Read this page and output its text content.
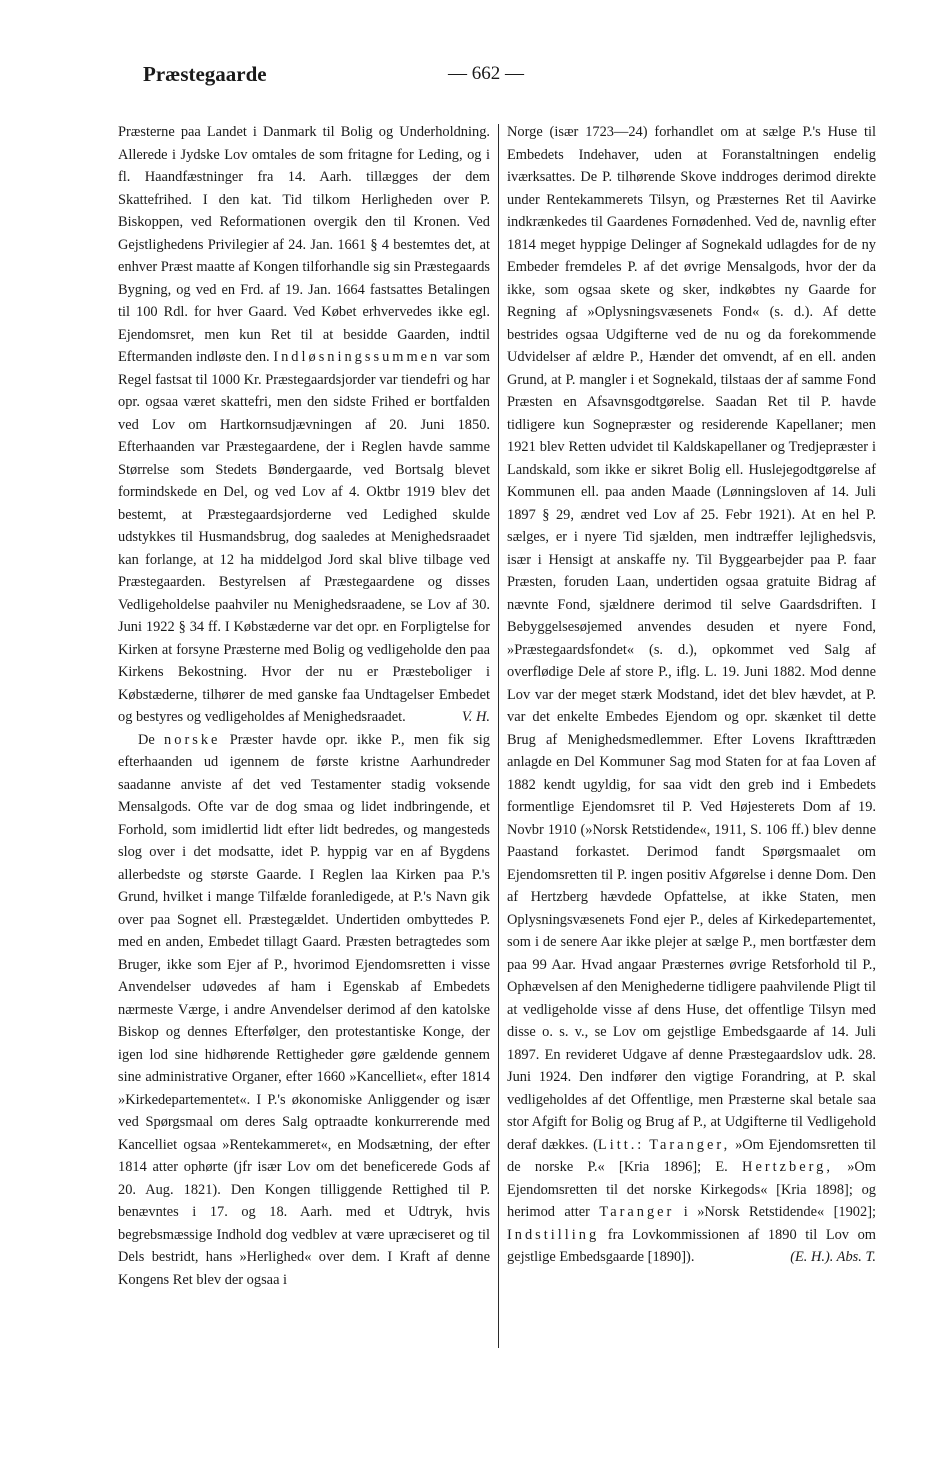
Præstegaarde	— 662 —

Præsterne paa Landet i Danmark til Bolig og Underholdning. Allerede i Jydske Lov omtales de som fritagne for Leding, og i fl. Haandfæstninger fra 14. Aarh. tillægges der dem Skattefrihed. I den kat. Tid tilkom Herligheden over P. Biskoppen, ved Reformationen overgik den til Kronen. Ved Gejstlighedens Privilegier af 24. Jan. 1661 § 4 bestemtes det, at enhver Præst maatte af Kongen tilforhandle sig sin Præstegaards Bygning, og ved en Frd. af 19. Jan. 1664 fastsattes Betalingen til 100 Rdl. for hver Gaard. Ved Købet erhvervedes ikke egl. Ejendomsret, men kun Ret til at besidde Gaarden, indtil Eftermanden indløste den. Indløsningssummen var som Regel fastsat til 1000 Kr. Præstegaardsjorder var tiendefri og har opr. ogsaa været skattefri, men den sidste Frihed er bortfalden ved Lov om Hartkornsudjævningen af 20. Juni 1850. Efterhaanden var Præstegaardene, der i Reglen havde samme Størrelse som Stedets Bøndergaarde, ved Bortsalg blevet formindskede en Del, og ved Lov af 4. Oktbr 1919 blev det bestemt, at Præstegaardsjorderne ved Ledighed skulde udstykkes til Husmandsbrug, dog saaledes at Menighedsraadet kan forlange, at 12 ha middelgod Jord skal blive tilbage ved Præstegaarden. Bestyrelsen af Præstegaardene og disses Vedligeholdelse paahviler nu Menighedsraadene, se Lov af 30. Juni 1922 § 34 ff. I Købstæderne var det opr. en Forpligtelse for Kirken at forsyne Præsterne med Bolig og vedligeholde den paa Kirkens Bekostning. Hvor der nu er Præsteboliger i Købstæderne, tilhører de med ganske faa Undtagelser Embedet og bestyres og vedligeholdes af Menighedsraadet.	V. H.

De norske Præster havde opr. ikke P., men fik sig efterhaanden ud igennem de første kristne Aarhundreder saadanne anviste af det ved Testamenter stadig voksende Mensalgods. Ofte var de dog smaa og lidet indbringende, et Forhold, som imidlertid lidt efter lidt bedredes, og mangesteds slog over i det modsatte, idet P. hyppig var en af Bygdens allerbedste og største Gaarde. I Reglen laa Kirken paa P.'s Grund, hvilket i mange Tilfælde foranledigede, at P.'s Navn gik over paa Sognet ell. Præstegældet. Undertiden ombyttedes P. med en anden, Embedet tillagt Gaard. Præsten betragtedes som Bruger, ikke som Ejer af P., hvorimod Ejendomsretten i visse Anvendelser udøvedes af ham i Egenskab af Embedets nærmeste Værge, i andre Anvendelser derimod af den katolske Biskop og dennes Efterfølger, den protestantiske Konge, der igen lod sine hidhørende Rettigheder gøre gældende gennem sine administrative Organer, efter 1660 »Kancelliet«, efter 1814 »Kirkedepartementet«. I P.'s økonomiske Anliggender og især ved Spørgsmaal om deres Salg optraadte konkurrerende med Kancelliet ogsaa »Rentekammeret«, en Modsætning, der efter 1814 atter ophørte (jfr især Lov om det beneficerede Gods af 20. Aug. 1821). Den Kongen tilliggende Rettighed til P. benævntes i 17. og 18. Aarh. med et Udtryk, hvis begrebsmæssige Indhold dog vedblev at være upræciseret og til Dels bestridt, hans »Herlighed« over dem. I Kraft af denne Kongens Ret blev der ogsaa i

Norge (især 1723—24) forhandlet om at sælge P.'s Huse til Embedets Indehaver, uden at Foranstaltningen endelig iværksattes. De P. tilhørende Skove inddroges derimod direkte under Rentekammerets Tilsyn, og Præsternes Ret til Aavirke indkrænkedes til Gaardenes Fornødenhed. Ved de, navnlig efter 1814 meget hyppige Delinger af Sognekald udlagdes for de ny Embeder fremdeles P. af det øvrige Mensalgods, hvor der da ikke, som ogsaa skete og sker, indkøbtes ny Gaarde for Regning af »Oplysningsvæsenets Fond« (s. d.). Af dette bestrides ogsaa Udgifterne ved de nu og da forekommende Udvidelser af ældre P., Hænder det omvendt, af en ell. anden Grund, at P. mangler i et Sognekald, tilstaas der af samme Fond Præsten en Afsavnsgodtgørelse. Saadan Ret til P. havde tidligere kun Sognepræster og residerende Kapellaner; men 1921 blev Retten udvidet til Kaldskapellaner og Tredjepræster i Landskald, som ikke er sikret Bolig ell. Huslejegodtgørelse af Kommunen ell. paa anden Maade (Lønningsloven af 14. Juli 1897 § 29, ændret ved Lov af 25. Febr 1921). At en hel P. sælges, er i nyere Tid sjælden, men indtræffer lejlighedsvis, især i Hensigt at anskaffe ny. Til Byggearbejder paa P. faar Præsten, foruden Laan, undertiden ogsaa gratuite Bidrag af nævnte Fond, sjældnere derimod til selve Gaardsdriften. I Bebyggelsesøjemed anvendes desuden et nyere Fond, »Præstegaardsfondet« (s. d.), opkommet ved Salg af overflødige Dele af store P., iflg. L. 19. Juni 1882. Mod denne Lov var der meget stærk Modstand, idet det blev hævdet, at P. var det enkelte Embedes Ejendom og opr. skænket til dette Brug af Menighedsmedlemmer. Efter Lovens Ikrafttræden anlagde en Del Kommuner Sag mod Staten for at faa Loven af 1882 kendt ugyldig, for saa vidt den greb ind i Embedets formentlige Ejendomsret til P. Ved Højesterets Dom af 19. Novbr 1910 (»Norsk Retstidende«, 1911, S. 106 ff.) blev denne Paastand forkastet. Derimod fandt Spørgsmaalet om Ejendomsretten til P. ingen positiv Afgørelse i denne Dom. Den af Hertzberg hævdede Opfattelse, at ikke Staten, men Oplysningsvæsenets Fond ejer P., deles af Kirkedepartementet, som i de senere Aar ikke plejer at sælge P., men bortfæster dem paa 99 Aar. Hvad angaar Præsternes øvrige Retsforhold til P., Ophævelsen af den Menighederne tidligere paahvilende Pligt til at vedligeholde visse af dens Huse, det offentlige Tilsyn med disse o. s. v., se Lov om gejstlige Embedsgaarde af 14. Juli 1897. En revideret Udgave af denne Præstegaardslov udk. 28. Juni 1924. Den indfører den vigtige Forandring, at P. skal vedligeholdes af det Offentlige, men Præsterne skal betale saa stor Afgift for Bolig og Brug af P., at Udgifterne til Vedligehold deraf dækkes. (Litt.: Taranger, »Om Ejendomsretten til de norske P.« [Kria 1896]; E. Hertzberg, »Om Ejendomsretten til det norske Kirkegods« [Kria 1898]; og herimod atter Taranger i »Norsk Retstidende« [1902]; Indstilling fra Lovkommissionen af 1890 til Lov om gejstlige Embedsgaarde [1890]).	(E. H.). Abs. T.
